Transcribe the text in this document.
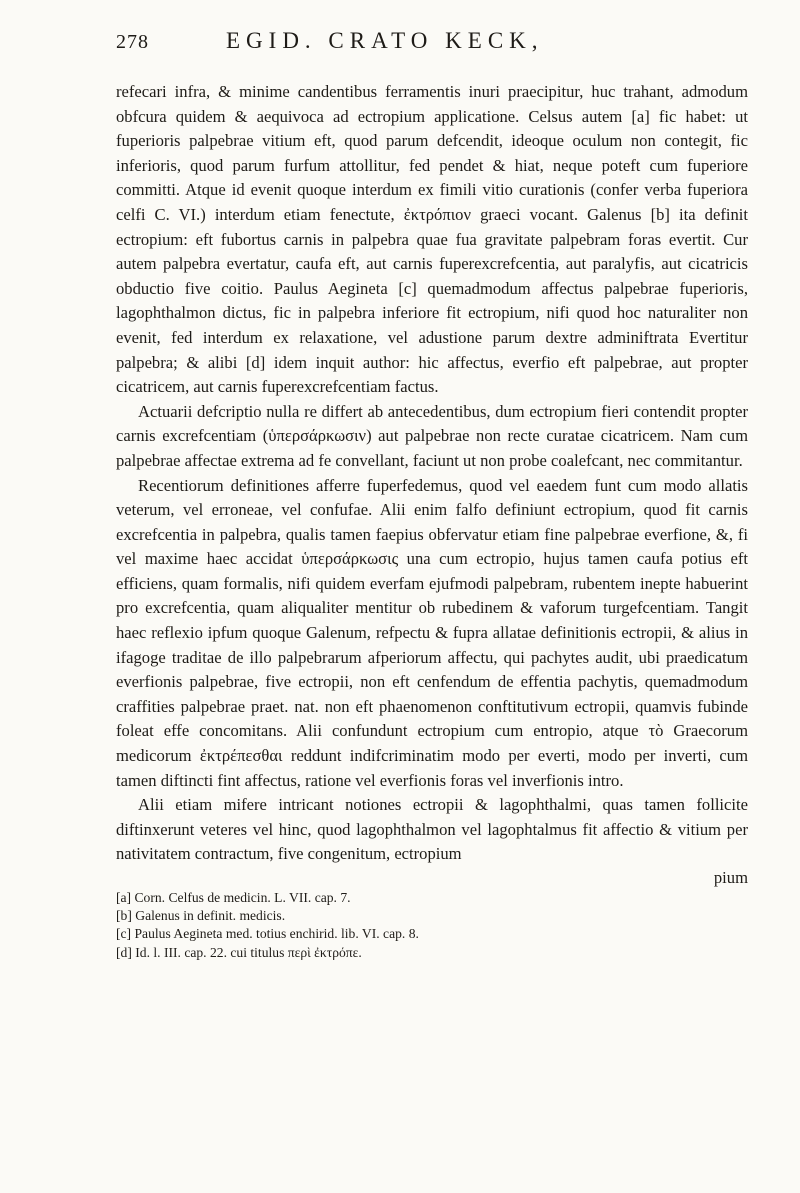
278	EGID. CRATO KECK,

refecari infra, & minime candentibus ferramentis inuri praecipitur, huc trahant, admodum obfcura quidem & aequivoca ad ectropium applicatione. Celsus autem [a] fic habet: ut fuperioris palpebrae vitium eft, quod parum defcendit, ideoque oculum non contegit, fic inferioris, quod parum furfum attollitur, fed pendet & hiat, neque poteft cum fuperiore committi. Atque id evenit quoque interdum ex fimili vitio curationis (confer verba fuperiora celfi C. VI.) interdum etiam fenectute, ἐκτρόπιον graeci vocant. Galenus [b] ita definit ectropium: eft fubortus carnis in palpebra quae fua gravitate palpebram foras evertit. Cur autem palpebra evertatur, caufa eft, aut carnis fuperexcrefcentia, aut paralyfis, aut cicatricis obductio five coitio. Paulus Aegineta [c] quemadmodum affectus palpebrae fuperioris, lagophthalmon dictus, fic in palpebra inferiore fit ectropium, nifi quod hoc naturaliter non evenit, fed interdum ex relaxatione, vel adustione parum dextre adminiftrata Evertitur palpebra; & alibi [d] idem inquit author: hic affectus, everfio eft palpebrae, aut propter cicatricem, aut carnis fuperexcrefcentiam factus.

Actuarii defcriptio nulla re differt ab antecedentibus, dum ectropium fieri contendit propter carnis excrefcentiam (ὑπερσάρκωσιν) aut palpebrae non recte curatae cicatricem. Nam cum palpebrae affectae extrema ad fe convellant, faciunt ut non probe coalefcant, nec commitantur.

Recentiorum definitiones afferre fuperfedemus, quod vel eaedem funt cum modo allatis veterum, vel erroneae, vel confufae. Alii enim falfo definiunt ectropium, quod fit carnis excrefcentia in palpebra, qualis tamen faepius obfervatur etiam fine palpebrae everfione, &, fi vel maxime haec accidat ὑπερσάρκωσις una cum ectropio, hujus tamen caufa potius eft efficiens, quam formalis, nifi quidem everfam ejufmodi palpebram, rubentem inepte habuerint pro excrefcentia, quam aliqualiter mentitur ob rubedinem & vaforum turgefcentiam. Tangit haec reflexio ipfum quoque Galenum, refpectu & fupra allatae definitionis ectropii, & alius in ifagoge traditae de illo palpebrarum afperiorum affectu, qui pachytes audit, ubi praedicatum everfionis palpebrae, five ectropii, non eft cenfendum de effentia pachytis, quemadmodum craffities palpebrae praet. nat. non eft phaenomenon conftitutivum ectropii, quamvis fubinde foleat effe concomitans. Alii confundunt ectropium cum entropio, atque τὸ Graecorum medicorum ἐκτρέπεσθαι reddunt indifcriminatim modo per everti, modo per inverti, cum tamen diftincti fint affectus, ratione vel everfionis foras vel inverfionis intro.

Alii etiam mifere intricant notiones ectropii & lagophthalmi, quas tamen follicite diftinxerunt veteres vel hinc, quod lagophthalmon vel lagophtalmus fit affectio & vitium per nativitatem contractum, five congenitum, ectropium

pium
[a] Corn. Celfus de medicin. L. VII. cap. 7.
[b] Galenus in definit. medicis.
[c] Paulus Aegineta med. totius enchirid. lib. VI. cap. 8.
[d] Id. l. III. cap. 22. cui titulus περὶ ἐκτρόπε.
